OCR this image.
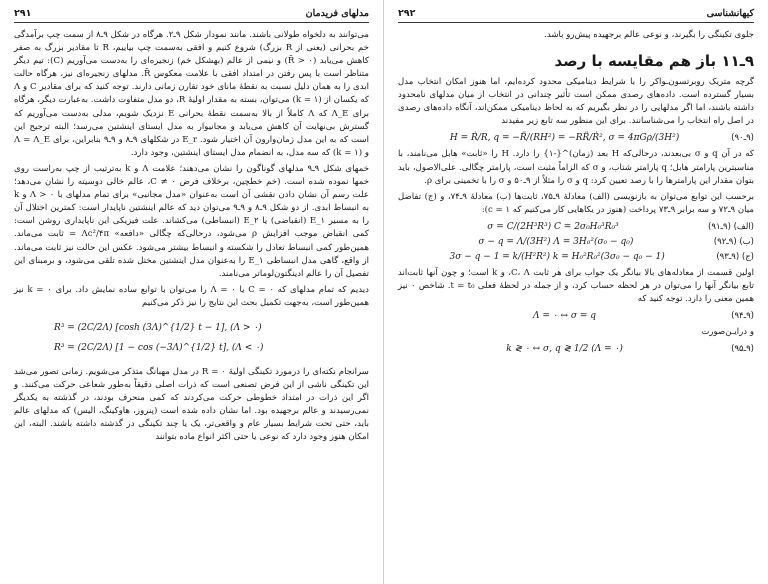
مدلهای فریدمان
۲۹۱

می‌توانند به دلخواه طولانی باشند. مانند نمودار شکل ۹ـ۲. هرگاه در شکل ۹ـ۸ از سمت چپ برآمدگی خم بحرانی (یعنی از R بزرگ) شروع کنیم و افقی به‌سمت چپ بیاییم، R تا مقادیر بزرگ به صفر کاهش می‌یابد (R̄ > ۰) و نیمی از عالم (بهشکل خم) زنجیره‌ای را به‌دست می‌آوریم (C): تیم دیگر متناظر است با پس رفتن در امتداد افقی با علامت معکوس R̄. مدلهای زنجیره‌ای نیز، هرگاه حالت ابدی را به همان دلیل نسبت به نقطهٔ ماناى خود تقارن زمانی دارند. توجه کنید که برای مقادیر C و Λ که یکسان از (k = ۱) می‌توان، بسته به مقدار اولیهٔ R، دو مدل متفاوت داشت. به‌عبارت دیگر، هرگاه برای Λ_E که Λ کاملاً از بالا به‌سمت نقطهٔ بحرانی E نزدیک شویم، مدلی به‌دست می‌آوریم که گسترش بی‌نهایت آن کاهش می‌یابد و مجانیوار به مدل ایستای اینشتین می‌رسد؛ البته ترجیح این است که به این مدل زمان‌وارون آن اختیار شود. E_r در شکلهای ۹ـ۸ و ۹ـ۹ بنابراین، برای Λ = Λ_E و (k = ۱) که سه مدل، به انضمام مدل ایستای اینشتین، وجود دارد.

خمهای شکل ۹ـ۹ مدلهای گوناگون را نشان می‌دهند؛ علامت Λ و k به‌ترتیب از چپ به‌راست روی خمها نموده شده است. (خم خطچین، برخلاف فرض C ≠ ۰، عالم خالی دوسیته را نشان می‌دهد؛ علت رسم آن نشان دادن نقشی آن است به‌عنوان «مدل مجانبی» برای تمام مدلهای با Λ > ۰ و k به انبساط ابدی. از دو شکل ۹ـ۸ و ۹ـ۹ می‌توان دید که عالم اینشتین ناپایدار است: کمترین اختلال آن را به مسیر E_۱ (انقباضی) یا E_۲ (انبساطی) می‌کشاند. علت فیزیکی این ناپایداری روشن است: کمی انقباض موجب افزایش ρ می‌شود، درحالی‌که چگالی «دافعه» Λc²/۴π = ثابت می‌ماند. همین‌طور کمی انبساط تعادل را شکسته و انبساط بیشتر می‌شود. عکس این حالت نیز ثابت می‌ماند. از واقع، گاهی مدل انبساطی E_۱ را به‌عنوان مدل اینشتین مختل شده تلقی می‌شود، و برمبنای این تفصیل آن را عالم ادینگتون‌لوماتر می‌نامند.

دیدیم که تمام مدلهای که C = ۰ یا Λ = ۰ را می‌توان با توابع ساده نمایش داد. برای k = ۰ نیز همین‌طور است، به‌جهت تکمیل بحث این نتایج را نیز ذکر می‌کنیم

R³ = (2C/2Λ) [cosh (3Λ)^{1/2} t − 1], (Λ > ۰)
R³ = (2C/2Λ) [1 − cos (−3Λ)^{1/2} t], (Λ < ۰)

سرانجام نکته‌ای را درمورد تکینگی اولیهٔ R = ۰ در مدل مهبانگ متذکر می‌شویم. زمانی تصور می‌شد این تکینگی ناشی از این فرض تصنعی است که ذرات اصلی دقیقاً به‌طور شعاعی حرکت می‌کنند. و اگر این ذرات در امتداد خطوطی حرکت می‌کردند که کمی منحرف بودند، در گذشته به یکدیگر نمی‌رسیدند و عالم برجهیده بود. اما نشان داده شده است (پنروز، هاوکینگ، الیس) که مدلهای عالم باید، حتی تحت شرایط بسیار عام و واقعی‌تر، یک یا چند تکینگی در گذشته داشته باشند. البته، این امکان هنوز وجود دارد که نوعی یا حتی اکثر انواع ماده بتوانند

کیهانشناسی
۲۹۲

جلوی تکینگی را بگیرند، و نوعی عالم برجهیده پیش‌رو باشد.

۹ـ۱۱ باز هم مقایسه با رصد

گرچه متریک روبرتسون‌ـواکر را با شرایط دینامیکی محدود کرده‌ایم، اما هنوز امکان انتخاب مدل بسیار گسترده است. داده‌های رصدی ممکن است تأثیر چندانی در انتخاب از میان مدلهای نامحدود داشته باشند، اما اگر مدلهایی را در نظر بگیریم که به لحاظ دینامیکی ممکن‌اند، آنگاه داده‌های رصدی در اصل راه انتخاب را می‌شناسانند. برای این منظور سه تابع زیر مفیدند

H = Ṙ/R, q = −R̈/(RH²) = −RR̈/Ṙ², σ = 4πGρ/(3H²)	(۹ـ۹۰)

که در آن q و σ بی‌بعدند، درحالی‌که H بعد (زمان)^{-۱} را دارد. H را «ثابت» هابل می‌نامند، با مناسبترین پارامتر هابل؛ q پارامتر شتاب، و σ که الزاماً مثبت است، پارامتر چگالی. علی‌الاصول، باید بتوان مقدار این پارامترها را با رصد تعیین کرد: q و σ را مثلاً از ۹ـ۵۰ و σ را با تخمینی برای ρ.

برحسب این توابع می‌توان به بازنویسی (الف) معادلهٔ ۹ـ۷۵، ثابت‌ها (ب) معادلهٔ ۹ـ۷۴، و (ج) تفاضل میان ۹ـ۷۲ و سه برابر ۹ـ۷۳ پرداخت (هنوز در یکاهایی کار می‌کنیم که c = ۱):

σ = C/(2H³R³) C = 2σ₀H₀³R₀³	(الف) (۹ـ۹۱)
σ − q = Λ/(3H²) Λ = 3H₀²(σ₀ − q₀)	(ب) (۹ـ۹۲)
3σ − q − 1 = k/(H²R²) k = H₀²R₀²(3σ₀ − q₀ − 1)	(ج) (۹ـ۹۳)

اولین قسمت از معادله‌های بالا بیانگر یک جواب برای هر ثابت C، Λ، و k است؛ و چون آنها ثابت‌اند تابع بیانگر آنها را می‌توان در هر لحظه حساب کرد، و از جمله در لحظهٔ فعلی t = t₀. شاخص ۰ نیز همین معنی را دارد. توجه کنید که

Λ = ۰ ↔ σ = q	(۹ـ۹۴)

و درایـن‌صورت

k ≷ ۰ ↔ σ, q ≷ 1/2 (Λ = ۰)	(۹ـ۹۵)
